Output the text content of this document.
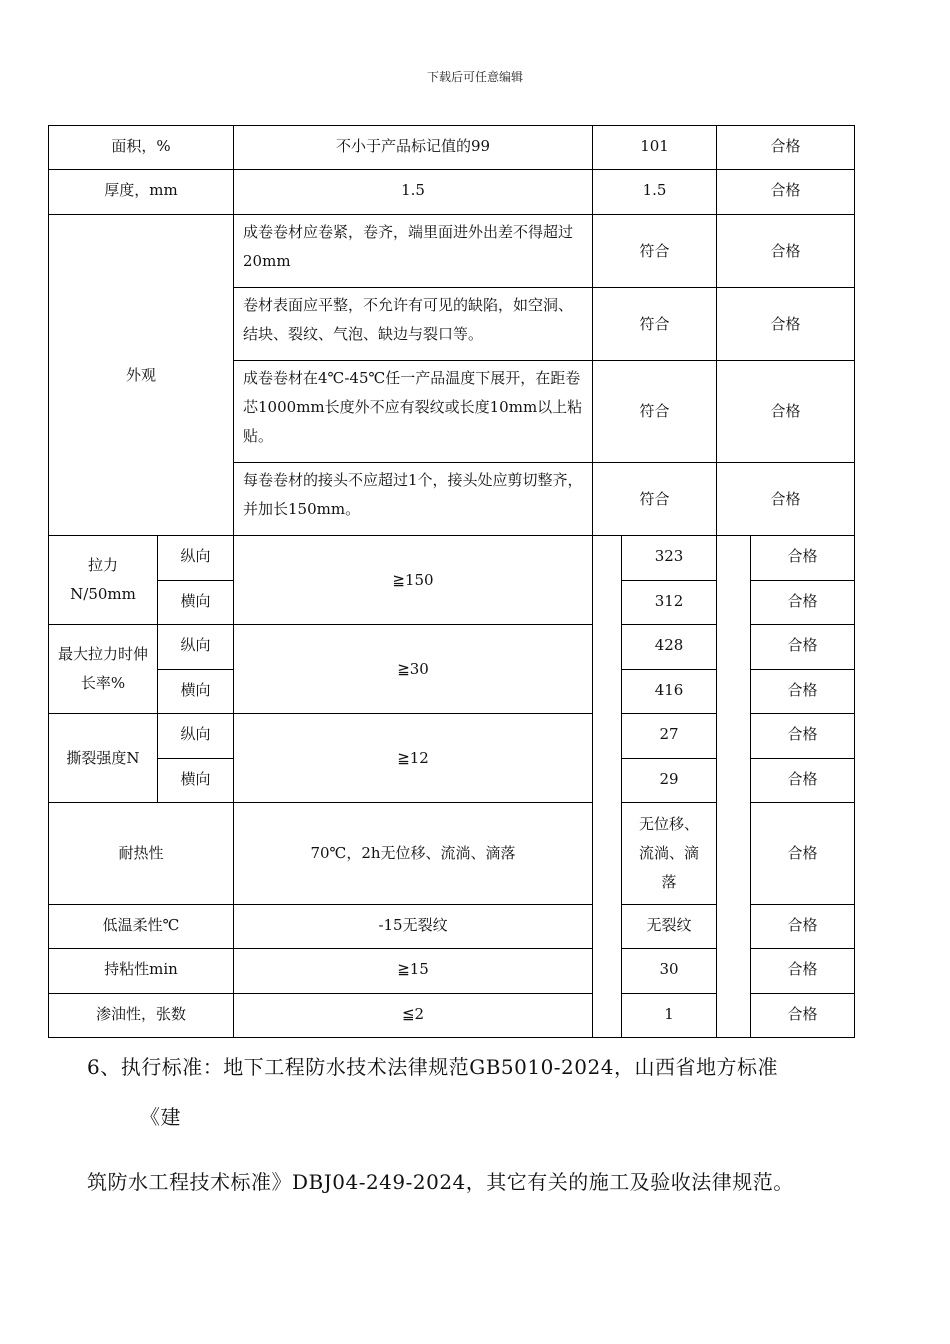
下载后可任意编辑
面积，%		不小于产品标记值的99	101		合格	
厚度，mm		1.5	1.5		合格	
外观		成卷卷材应卷紧，卷齐，端里面进外出差不得超过20mm	符合		合格	
		卷材表面应平整，不允许有可见的缺陷，如空洞、结块、裂纹、气泡、缺边与裂口等。	符合		合格	
		成卷卷材在4℃-45℃任一产品温度下展开，在距卷芯1000mm长度外不应有裂纹或长度10mm以上粘贴。	符合		合格	
		每卷卷材的接头不应超过1个，接头处应剪切整齐，并加长150mm。	符合		合格	
拉力N/50mm	纵向	≧150		323		合格
	横向			312		合格
最大拉力时伸长率%	纵向	≧30		428		合格
	横向			416		合格
撕裂强度N	纵向	≧12		27		合格
	横向			29		合格
耐热性		70℃，2h无位移、流淌、滴落		无位移、流淌、滴落		合格
低温柔性℃		-15无裂纹		无裂纹		合格
持粘性min		≧15		30		合格
渗油性，张数		≦2		1		合格
6、执行标准：地下工程防水技术法律规范GB5010-2024，山西省地方标准
《建
筑防水工程技术标准》DBJ04-249-2024，其它有关的施工及验收法律规范。
